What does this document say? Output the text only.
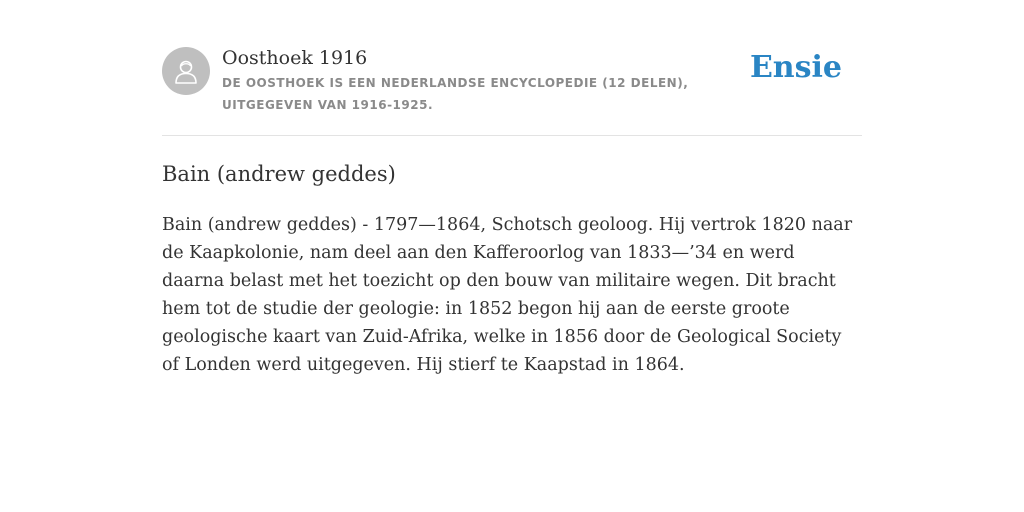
Oosthoek 1916
DE OOSTHOEK IS EEN NEDERLANDSE ENCYCLOPEDIE (12 DELEN), UITGEGEVEN VAN 1916-1925.
Ensie
Bain (andrew geddes)

Bain (andrew geddes) - 1797—1864, Schotsch geoloog. Hij vertrok 1820 naar de Kaapkolonie, nam deel aan den Kafferoorlog van 1833—’34 en werd daarna belast met het toezicht op den bouw van militaire wegen. Dit bracht hem tot de studie der geologie: in 1852 begon hij aan de eerste groote geologische kaart van Zuid-Afrika, welke in 1856 door de Geological Society of Londen werd uitgegeven. Hij stierf te Kaapstad in 1864.
